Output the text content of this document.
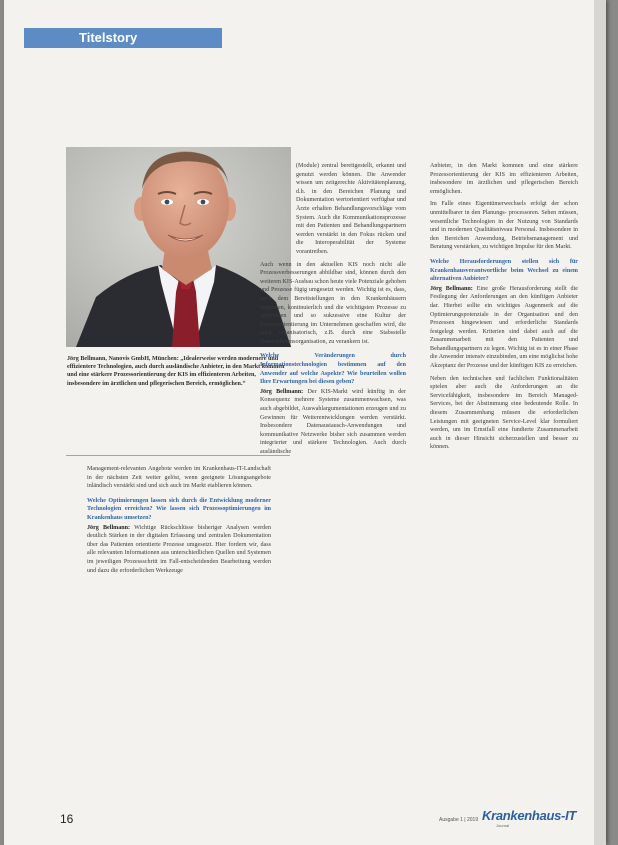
Titelstory
Jörg Bellmann, Nanovis GmbH, München: „Idealerweise werden modernere und effizientere Technologien, auch durch ausländische Anbieter, in den Markt kommen und eine stärkere Prozessorientierung der KIS im effizienteren Arbeiten, insbesondere im ärztlichen und pflegerischen Bereich, ermöglichen.“

Management-relevanten Angebote werden im Krankenhaus-IT-Landschaft in der nächsten Zeit weiter gelöst, wenn geeignete Lösungsangebote inländisch verstärkt sind und sich auch im Markt etablieren können.

Welche Optimierungen lassen sich durch die Entwicklung moderner Technologien erreichen? Wie lassen sich Prozessoptimierungen im Krankenhaus umsetzen?

Jörg Bellmann: Wichtige Rückschlüsse bisheriger Analysen werden deutlich Stärken in der digitalen Erfassung und zentralen Dokumentation über das Patienten orientierte Prozesse umgesetzt. Hier fordern wir, dass alle relevanten Informationen aus unterschiedlichen Quellen und Systemen im jeweiligen Prozessschritt im Fall-entscheidenden Bearbeitung werden und dazu die erforderlichen Werkzeuge

(Module) zentral bereitgestellt, erkannt und genutzt werden können. Die Anwender wissen um zeitgerechte Aktivitätenplanung, d.h. in den Bereichen Planung und Dokumentation wertorientiert verfügbar und Ärzte erhalten Behandlungsvorschläge vom System. Auch die Kommunikationsprozesse mit den Patienten und Behandlungspartnern werden verstärkt in den Fokus rücken und die Interoperabilität der Systeme vorantreiben.

Auch wenn in den aktuellen KIS noch nicht alle Prozessverbesserungen abbildbar sind, können durch den weiteren KIS-Ausbau schon heute viele Potenziale gehoben und Prozesse fügig umgesetzt werden. Wichtig ist es, dass, nach dem Bereitstellungen in den Krankenhäusern begonnen, kontinuierlich und die wichtigsten Prozesse zu optimieren und so sukzessive eine Kultur der Prozessorientierung im Unternehmen geschaffen wird, die auch organisatorisch, z.B. durch eine Stabsstelle Unternehmensorganisation, zu verankern ist.

Welche Veränderungen durch Informationstechnologien bestimmen auf den Anwender auf welche Aspekte? Wie beurteilen wollen Ihre Erwartungen bei diesen geben?

Jörg Bellmann: Der KIS-Markt wird künftig in der Konsequenz mehrere Systeme zusammenwachsen, was auch abgebildet, Auswahlargumentationen erzeugen und zu Gewinnen für Weiterentwicklungen werden verstärkt. Insbesondere Datenaustausch-Anwendungen und kommunikative Netzwerke bisher sich zusammen werden integrierter und stärkere Technologien. Auch durch ausländische

Anbieter, in den Markt kommen und eine stärkere Prozessorientierung der KIS im effizienteren Arbeiten, insbesondere im ärztlichen und pflegerischen Bereich ermöglichen.

Im Falle eines Eigentümerwechsels erfolgt der schon unmittelbarer in den Planungs- processoren. Sehen müssen, wesentliche Technologien in der Nutzung von Standards und in modernen Qualitätsniveau Personal. Insbesondere in den Bereichen Anwendung, Betriebsmanagement und Beratung verstärken, zu wichtigen Impulse für den Markt.

Welche Herausforderungen stellen sich für Krankenhausverantwortliche beim Wechsel zu einem alternativen Anbieter?

Jörg Bellmann: Eine große Herausforderung stellt die Festlegung der Anforderungen an den künftigen Anbieter dar. Hierbei sollte ein wichtiges Augenmerk auf die Optimierungspotenziale in der Organisation und den Prozessen hingewiesen und erforderliche Standards festgelegt werden. Kriterien sind dabei auch auf die Zusammenarbeit mit den Patienten und Behandlungspartnern zu legen. Wichtig ist es in einer Phase die Anwender intensiv einzubinden, um eine möglichst hohe Akzeptanz der Prozesse und der künftigen KIS zu erreichen.

Neben den technischen und fachlichen Funktionalitäten spielen aber auch die Anforderungen an die Servicefähigkeit, insbesondere im Bereich Managed-Services, bei der Abstimmung eine bedeutende Rolle. In diesem Zusammenhang müssen die erforderlichen Leistungen mit geeigneten Service-Level klar formuliert werden, um im Ernstfall eine fundierte Zusammenarbeit auch in dieser Hinsicht sicherzustellen und besser zu können.

16	Ausgabe 1 | 2019 Krankenhaus-IT
Journal
